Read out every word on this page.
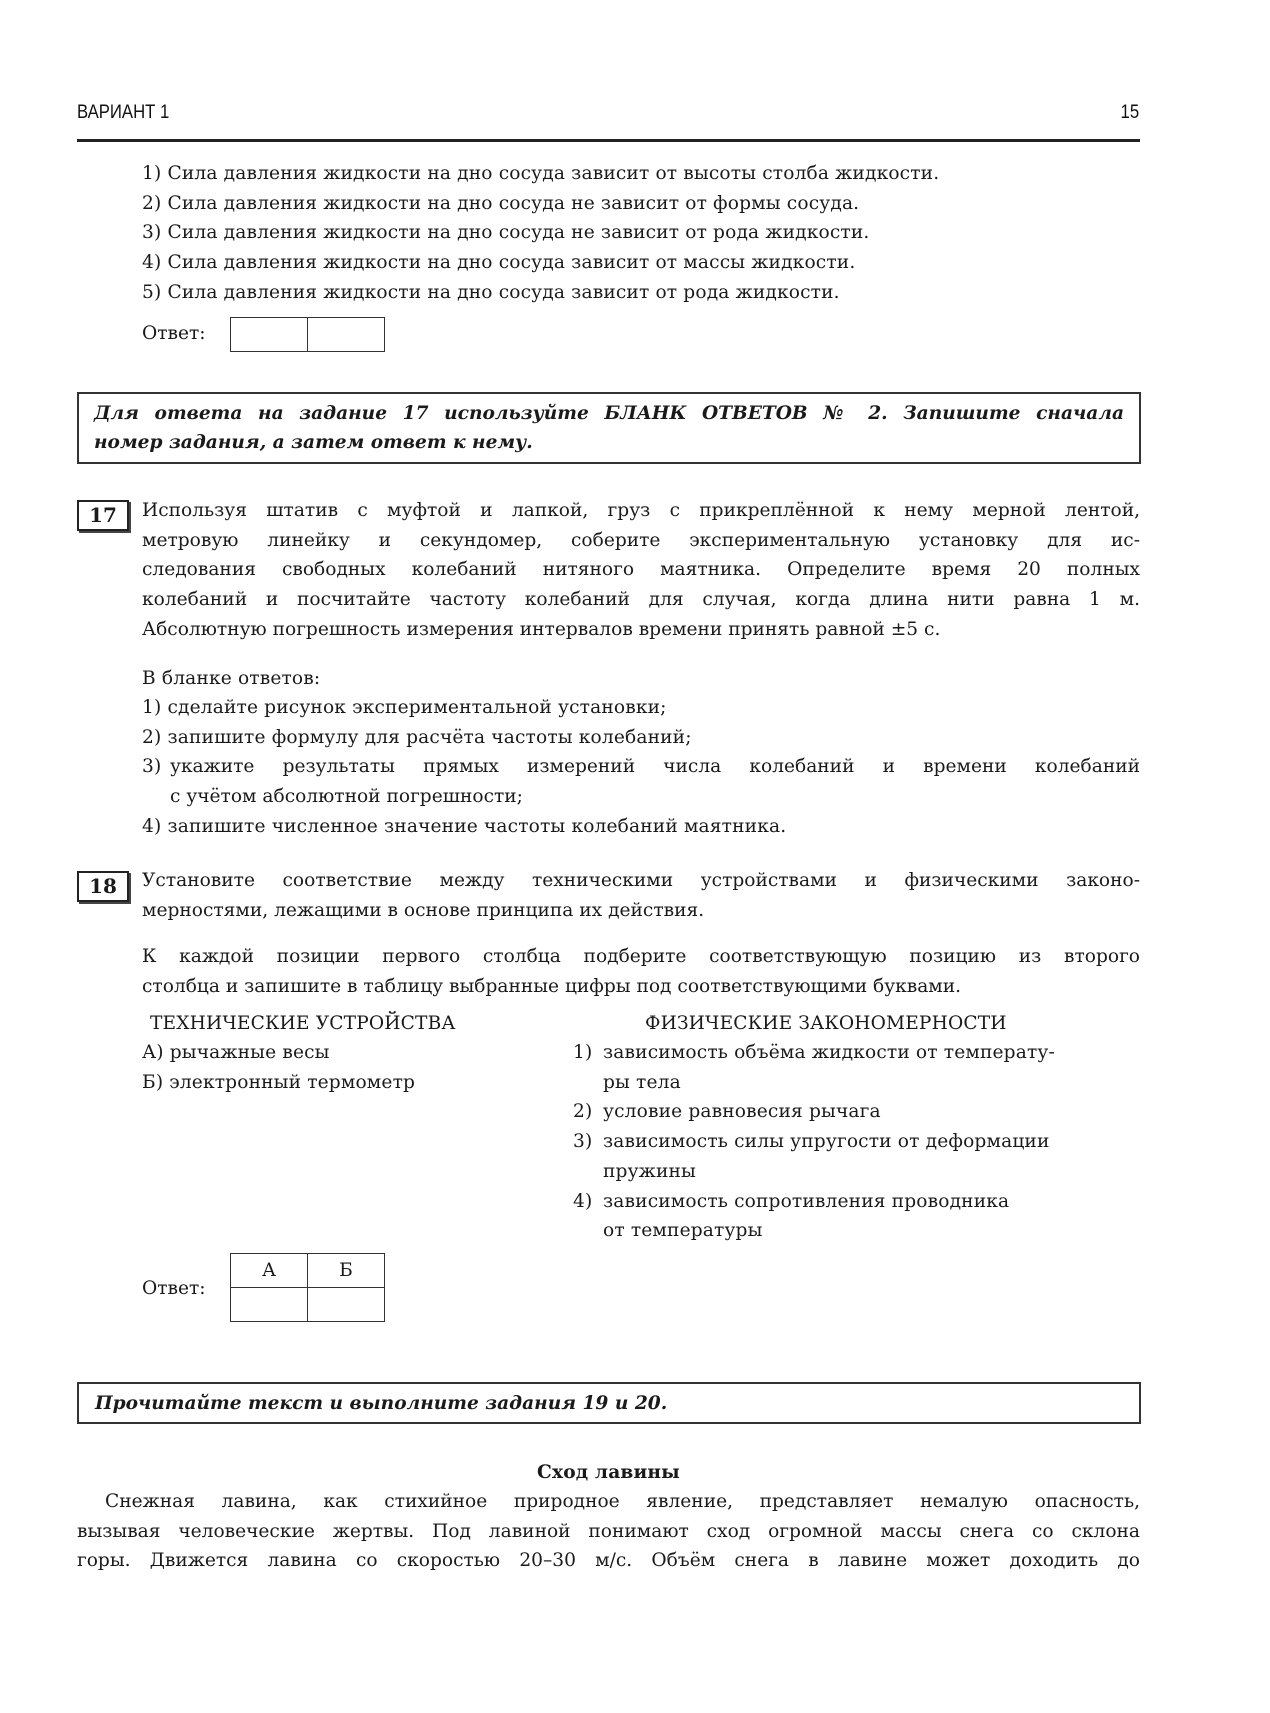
ВАРИАНТ 1	15
1) Сила давления жидкости на дно сосуда зависит от высоты столба жидкости.
2) Сила давления жидкости на дно сосуда не зависит от формы сосуда.
3) Сила давления жидкости на дно сосуда не зависит от рода жидкости.
4) Сила давления жидкости на дно сосуда зависит от массы жидкости.
5) Сила давления жидкости на дно сосуда зависит от рода жидкости.
Ответ:
Для ответа на задание 17 используйте БЛАНК ОТВЕТОВ № 2. Запишите сначала
номер задания, а затем ответ к нему.
17	Используя штатив с муфтой и лапкой, груз с прикреплённой к нему мерной лентой,
метровую линейку и секундомер, соберите экспериментальную установку для ис-
следования свободных колебаний нитяного маятника. Определите время 20 полных
колебаний и посчитайте частоту колебаний для случая, когда длина нити равна 1 м.
Абсолютную погрешность измерения интервалов времени принять равной ±5 с.
В бланке ответов:
1) сделайте рисунок экспериментальной установки;
2) запишите формулу для расчёта частоты колебаний;
3) укажите результаты прямых измерений числа колебаний и времени колебаний
с учётом абсолютной погрешности;
4) запишите численное значение частоты колебаний маятника.
18	Установите соответствие между техническими устройствами и физическими законо-
мерностями, лежащими в основе принципа их действия.
К каждой позиции первого столбца подберите соответствующую позицию из второго
столбца и запишите в таблицу выбранные цифры под соответствующими буквами.
ТЕХНИЧЕСКИЕ УСТРОЙСТВА	ФИЗИЧЕСКИЕ ЗАКОНОМЕРНОСТИ
А) рычажные весы
Б) электронный термометр
1) зависимость объёма жидкости от температу-
ры тела
2) условие равновесия рычага
3) зависимость силы упругости от деформации
пружины
4) зависимость сопротивления проводника
от температуры
Ответ:
А	Б

Прочитайте текст и выполните задания 19 и 20.
Сход лавины
Снежная лавина, как стихийное природное явление, представляет немалую опасность,
вызывая человеческие жертвы. Под лавиной понимают сход огромной массы снега со склона
горы. Движется лавина со скоростью 20–30 м/с. Объём снега в лавине может доходить до
